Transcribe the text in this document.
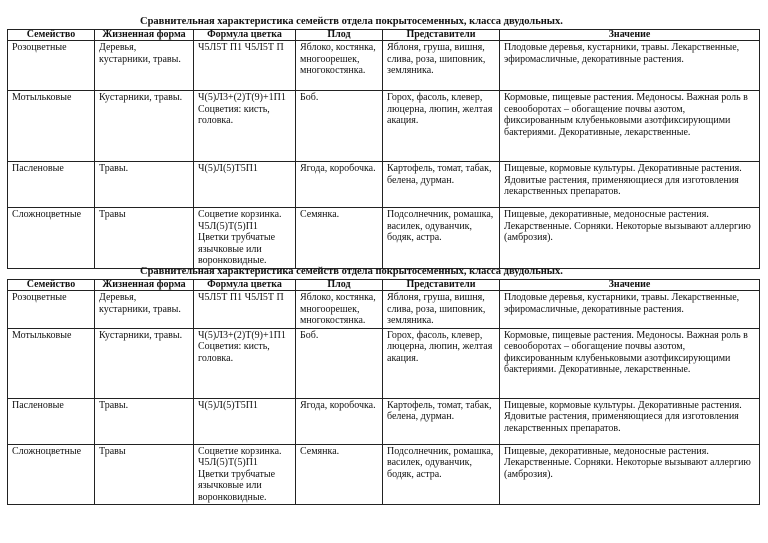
Сравнительная характеристика семейств отдела покрытосеменных, класса двудольных.
Семейство	Жизненная форма	Формула цветка	Плод	Представители	Значение
Розоцветные	Деревья, кустарники, травы.	Ч5Л5Т П1 Ч5Л5Т П	Яблоко, костянка, многоорешек, многокостянка.	Яблоня, груша, вишня, слива, роза, шиповник, земляника.	Плодовые деревья, кустарники, травы. Лекарственные, эфиромасличные, декоративные растения.
Мотыльковые	Кустарники, травы.	Ч(5)Л3+(2)Т(9)+1П1 Соцветия: кисть, головка.	Боб.	Горох, фасоль, клевер, люцерна, люпин, желтая акация.	Кормовые, пищевые растения. Медоносы. Важная роль в севооборотах – обогащение почвы азотом, фиксированным клубеньковыми азотфиксирующими бактериями. Декоративные, лекарственные.
Пасленовые	Травы.	Ч(5)Л(5)Т5П1	Ягода, коробочка.	Картофель, томат, табак, белена, дурман.	Пищевые, кормовые культуры. Декоративные растения. Ядовитые растения, применяющиеся для изготовления лекарственных препаратов.
Сложноцветные	Травы	Соцветие корзинка. Ч5Л(5)Т(5)П1 Цветки трубчатые язычковые или воронковидные.	Семянка.	Подсолнечник, ромашка, василек, одуванчик, бодяк, астра.	Пищевые, декоративные, медоносные растения. Лекарственные. Сорняки. Некоторые вызывают аллергию (амброзия).
Сравнительная характеристика семейств отдела покрытосеменных, класса двудольных.
Семейство	Жизненная форма	Формула цветка	Плод	Представители	Значение
Розоцветные	Деревья, кустарники, травы.	Ч5Л5Т П1 Ч5Л5Т П	Яблоко, костянка, многоорешек, многокостянка.	Яблоня, груша, вишня, слива, роза, шиповник, земляника.	Плодовые деревья, кустарники, травы. Лекарственные, эфиромасличные, декоративные растения.
Мотыльковые	Кустарники, травы.	Ч(5)Л3+(2)Т(9)+1П1 Соцветия: кисть, головка.	Боб.	Горох, фасоль, клевер, люцерна, люпин, желтая акация.	Кормовые, пищевые растения. Медоносы. Важная роль в севооборотах – обогащение почвы азотом, фиксированным клубеньковыми азотфиксирующими бактериями. Декоративные, лекарственные.
Пасленовые	Травы.	Ч(5)Л(5)Т5П1	Ягода, коробочка.	Картофель, томат, табак, белена, дурман.	Пищевые, кормовые культуры. Декоративные растения. Ядовитые растения, применяющиеся для изготовления лекарственных препаратов.
Сложноцветные	Травы	Соцветие корзинка. Ч5Л(5)Т(5)П1 Цветки трубчатые язычковые или воронковидные.	Семянка.	Подсолнечник, ромашка, василек, одуванчик, бодяк, астра.	Пищевые, декоративные, медоносные растения. Лекарственные. Сорняки. Некоторые вызывают аллергию (амброзия).
